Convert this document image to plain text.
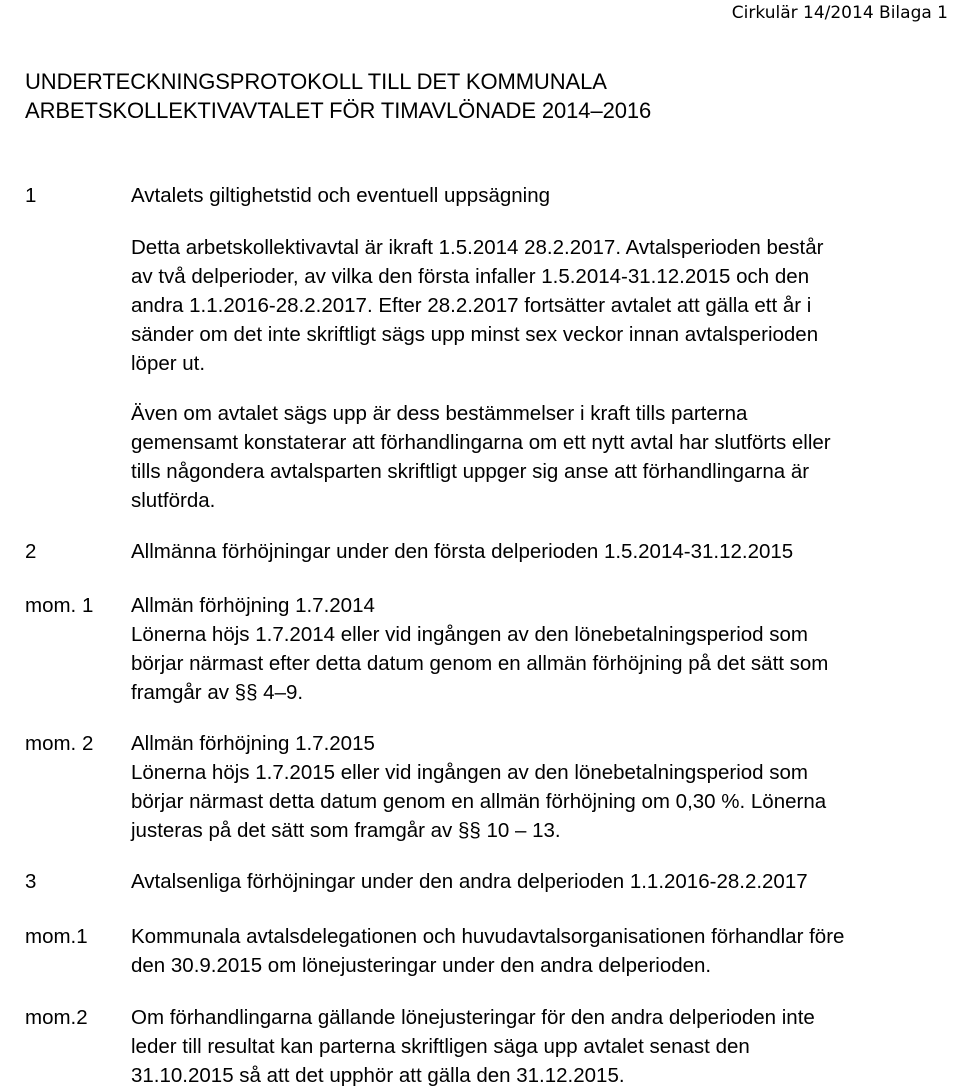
Cirkulär 14/2014 Bilaga 1
UNDERTECKNINGSPROTOKOLL TILL DET KOMMUNALA
ARBETSKOLLEKTIVAVTALET FÖR TIMAVLÖNADE 2014–2016
1	Avtalets giltighetstid och eventuell uppsägning
Detta arbetskollektivavtal är ikraft 1.5.2014 28.2.2017. Avtalsperioden består
av två delperioder, av vilka den första infaller 1.5.2014-31.12.2015 och den
andra 1.1.2016-28.2.2017. Efter 28.2.2017 fortsätter avtalet att gälla ett år i
sänder om det inte skriftligt sägs upp minst sex veckor innan avtalsperioden
löper ut.
Även om avtalet sägs upp är dess bestämmelser i kraft tills parterna
gemensamt konstaterar att förhandlingarna om ett nytt avtal har slutförts eller
tills någondera avtalsparten skriftligt uppger sig anse att förhandlingarna är
slutförda.
2	Allmänna förhöjningar under den första delperioden 1.5.2014-31.12.2015
mom. 1 Allmän förhöjning 1.7.2014
Lönerna höjs 1.7.2014 eller vid ingången av den lönebetalningsperiod som
börjar närmast efter detta datum genom en allmän förhöjning på det sätt som
framgår av §§ 4–9.
mom. 2 Allmän förhöjning 1.7.2015
Lönerna höjs 1.7.2015 eller vid ingången av den lönebetalningsperiod som
börjar närmast detta datum genom en allmän förhöjning om 0,30 %. Lönerna
justeras på det sätt som framgår av §§ 10 – 13.
3	Avtalsenliga förhöjningar under den andra delperioden 1.1.2016-28.2.2017
mom.1 Kommunala avtalsdelegationen och huvudavtalsorganisationen förhandlar före
den 30.9.2015 om lönejusteringar under den andra delperioden.
mom.2 Om förhandlingarna gällande lönejusteringar för den andra delperioden inte
leder till resultat kan parterna skriftligen säga upp avtalet senast den
31.10.2015 så att det upphör att gälla den 31.12.2015.
